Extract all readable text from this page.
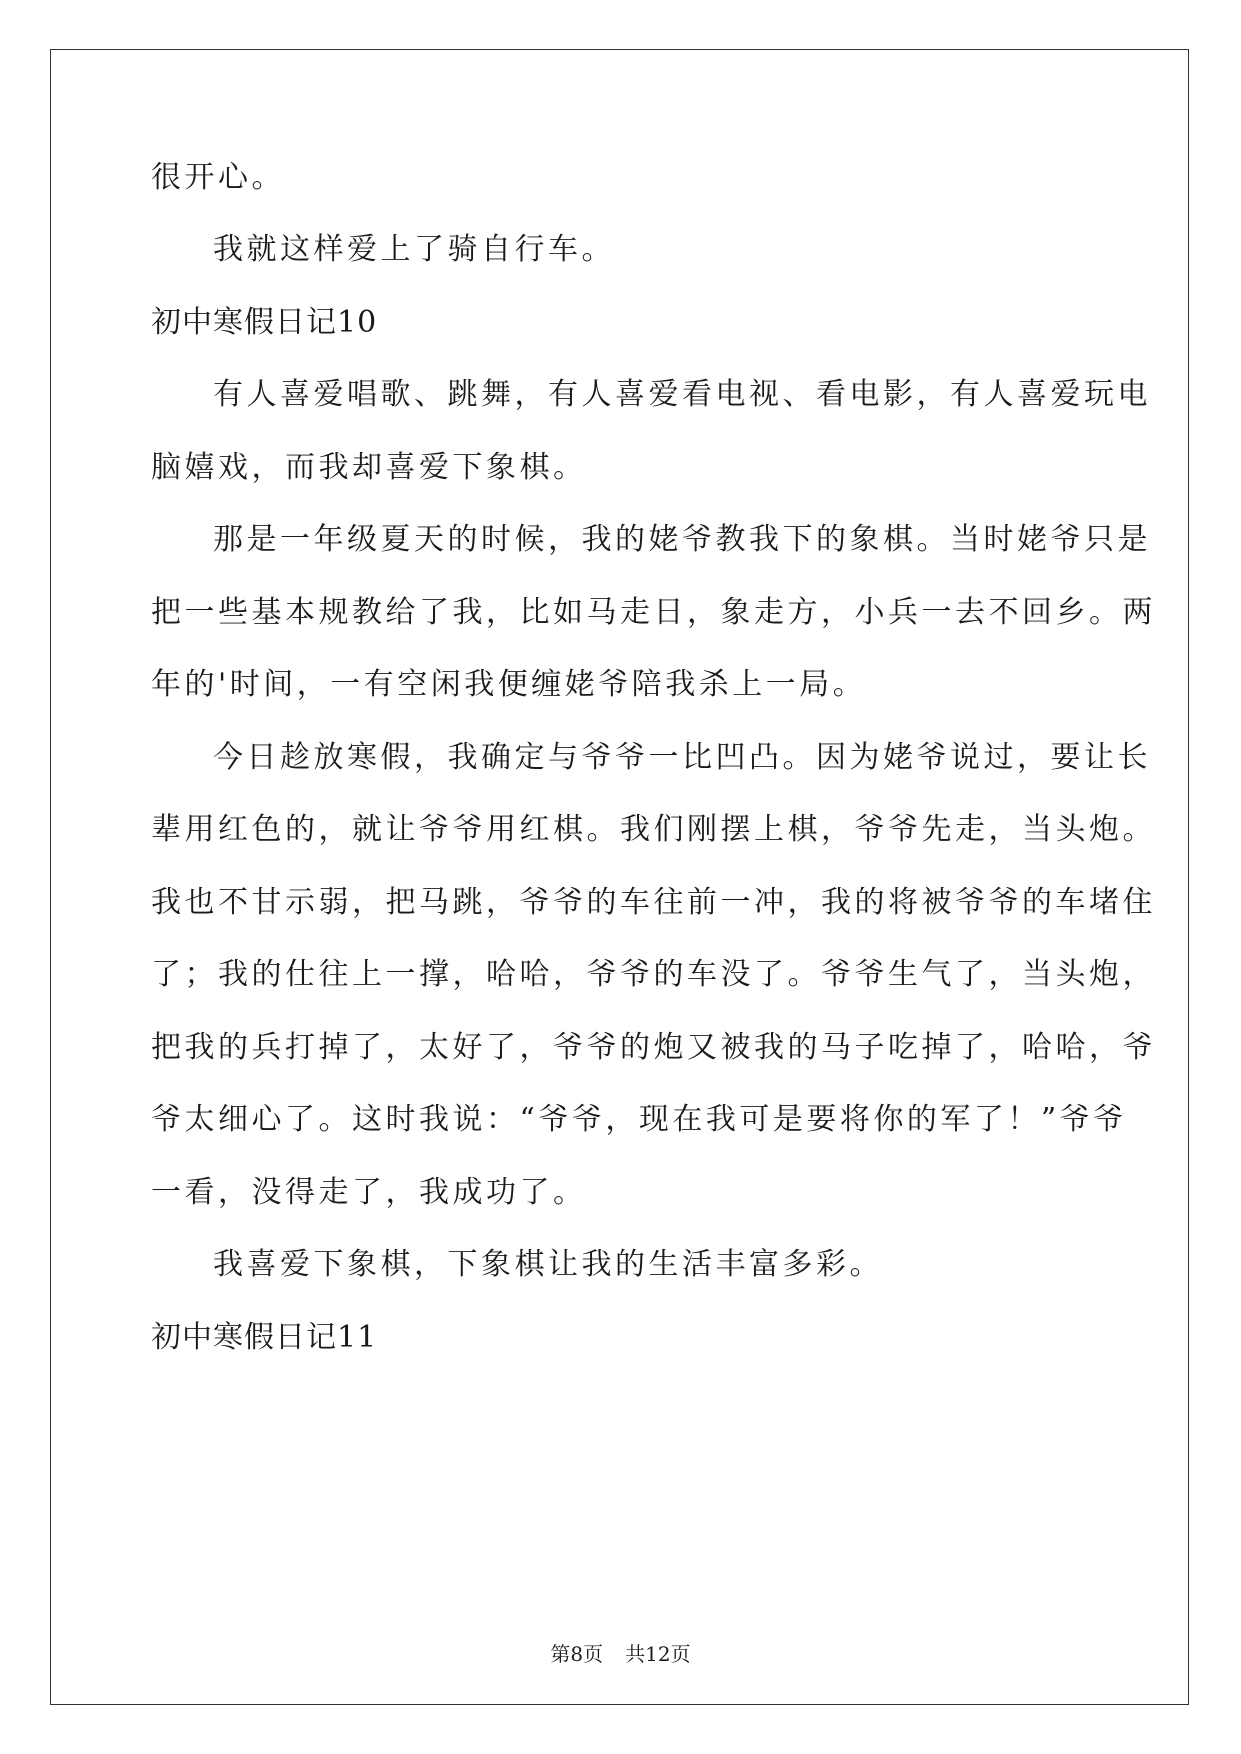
很开心。
我就这样爱上了骑自行车。
初中寒假日记10
有人喜爱唱歌、跳舞，有人喜爱看电视、看电影，有人喜爱玩电
脑嬉戏，而我却喜爱下象棋。
那是一年级夏天的时候，我的姥爷教我下的象棋。当时姥爷只是
把一些基本规教给了我，比如马走日，象走方，小兵一去不回乡。两
年的'时间，一有空闲我便缠姥爷陪我杀上一局。
今日趁放寒假，我确定与爷爷一比凹凸。因为姥爷说过，要让长
辈用红色的，就让爷爷用红棋。我们刚摆上棋，爷爷先走，当头炮。
我也不甘示弱，把马跳，爷爷的车往前一冲，我的将被爷爷的车堵住
了；我的仕往上一撑，哈哈，爷爷的车没了。爷爷生气了，当头炮，
把我的兵打掉了，太好了，爷爷的炮又被我的马子吃掉了，哈哈，爷
爷太细心了。这时我说：“爷爷，现在我可是要将你的军了！”爷爷
一看，没得走了，我成功了。
我喜爱下象棋，下象棋让我的生活丰富多彩。
初中寒假日记11
第8页 共12页
